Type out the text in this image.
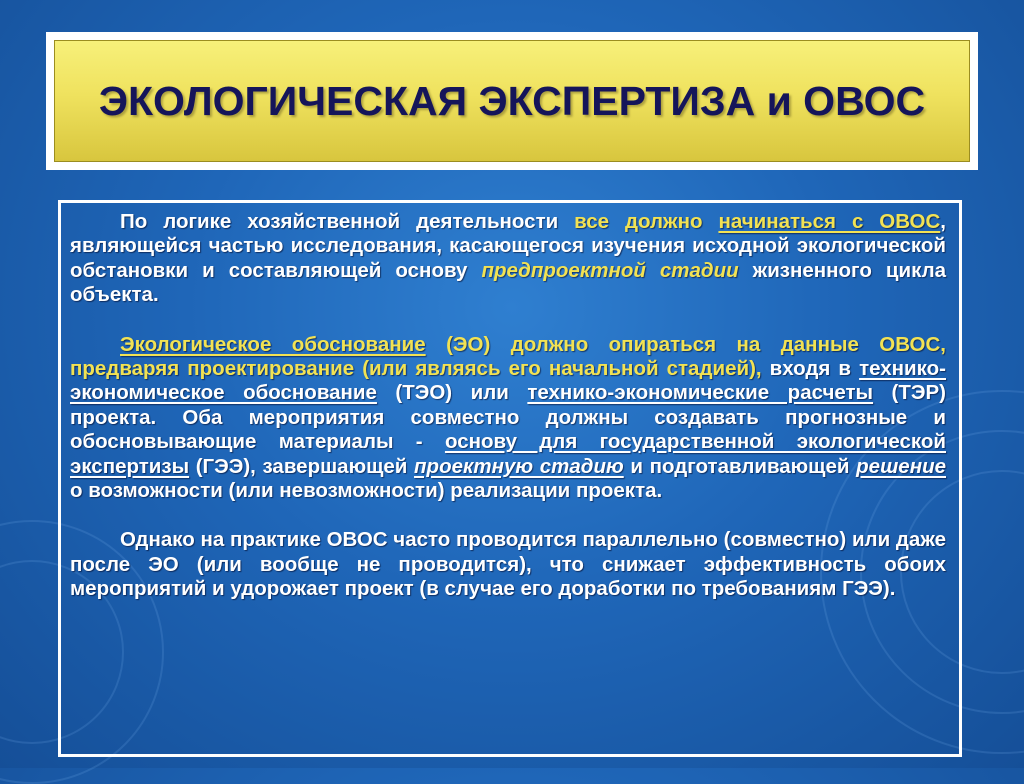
ЭКОЛОГИЧЕСКАЯ ЭКСПЕРТИЗА и ОВОС

По логике хозяйственной деятельности все должно начинаться с ОВОС, являющейся частью исследования, касающегося изучения исходной экологической обстановки и составляющей основу предпроектной стадии жизненного цикла объекта.

Экологическое обоснование (ЭО) должно опираться на данные ОВОС, предваряя проектирование (или являясь его начальной стадией), входя в технико-экономическое обоснование (ТЭО) или технико-экономические расчеты (ТЭР) проекта. Оба мероприятия совместно должны создавать прогнозные и обосновывающие материалы - основу для государственной экологической экспертизы (ГЭЭ), завершающей проектную стадию и подготавливающей решение о возможности (или невозможности) реализации проекта.

Однако на практике ОВОС часто проводится параллельно (совместно) или даже после ЭО (или вообще не проводится), что снижает эффективность обоих мероприятий и удорожает проект (в случае его доработки по требованиям ГЭЭ).
